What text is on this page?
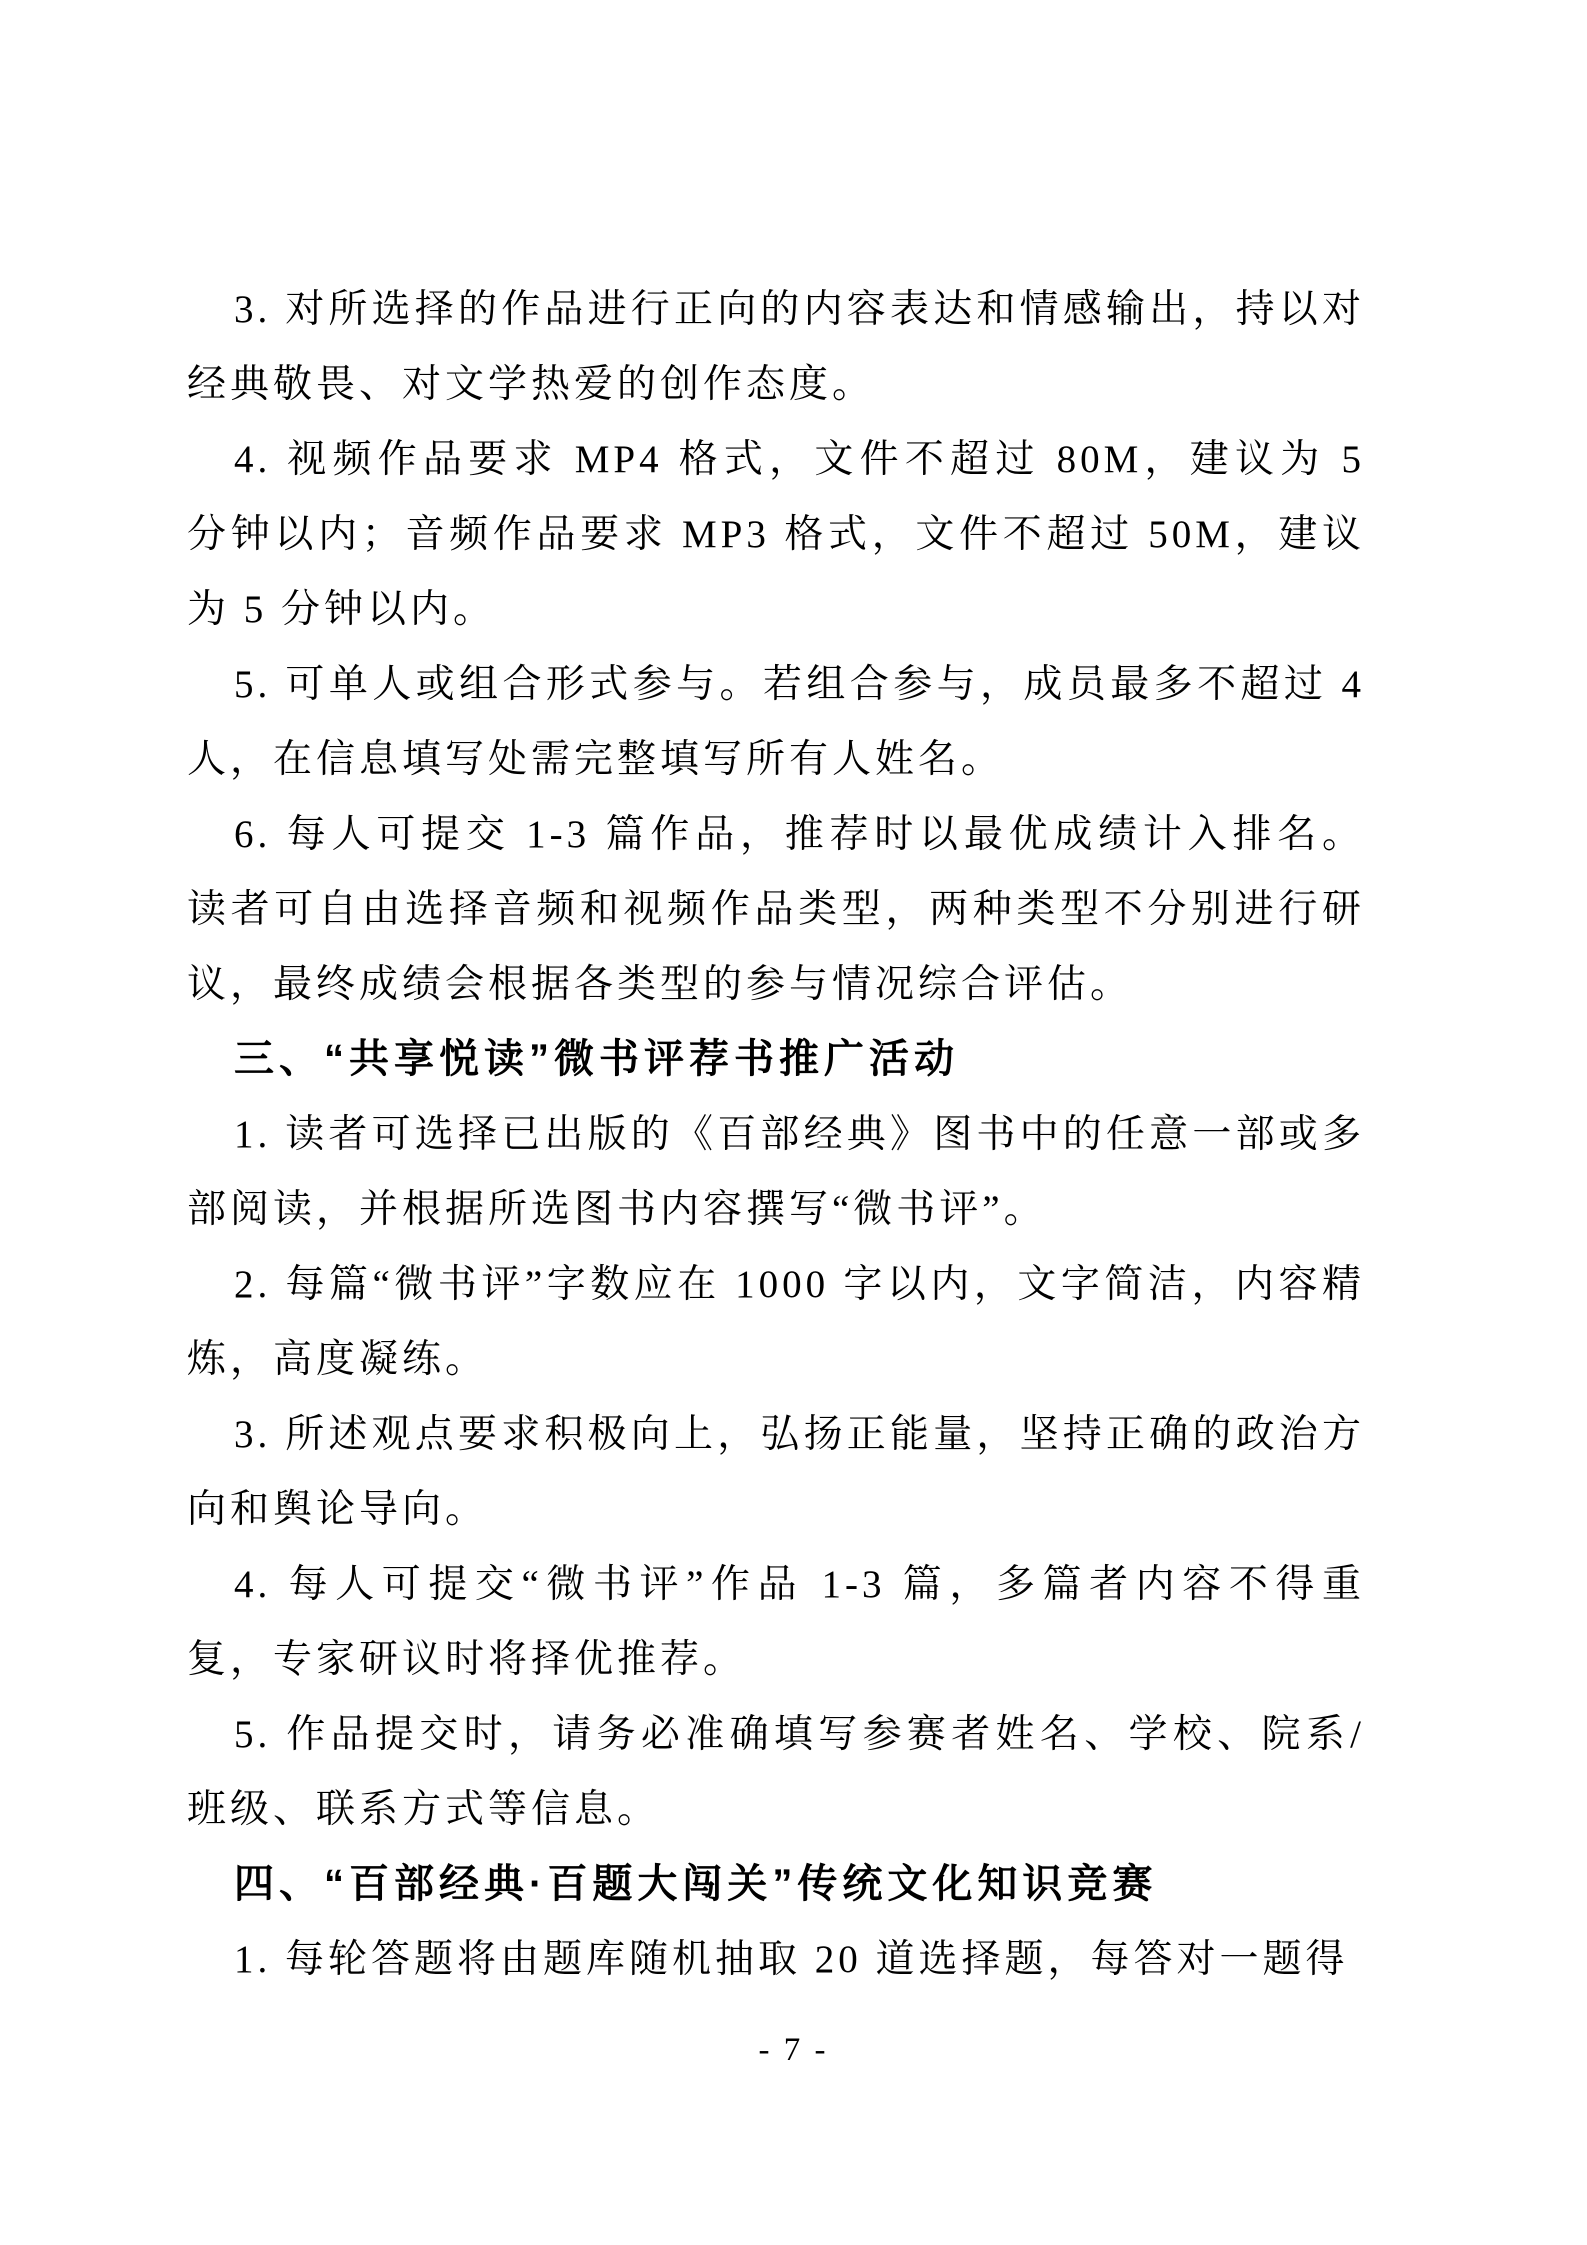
3. 对所选择的作品进行正向的内容表达和情感输出，持以对经典敬畏、对文学热爱的创作态度。

4. 视频作品要求 MP4 格式，文件不超过 80M，建议为 5 分钟以内；音频作品要求 MP3 格式，文件不超过 50M，建议为 5 分钟以内。

5. 可单人或组合形式参与。若组合参与，成员最多不超过 4 人，在信息填写处需完整填写所有人姓名。

6. 每人可提交 1-3 篇作品，推荐时以最优成绩计入排名。读者可自由选择音频和视频作品类型，两种类型不分别进行研议，最终成绩会根据各类型的参与情况综合评估。

三、“共享悦读”微书评荐书推广活动

1. 读者可选择已出版的《百部经典》图书中的任意一部或多部阅读，并根据所选图书内容撰写“微书评”。

2. 每篇“微书评”字数应在 1000 字以内，文字简洁，内容精炼，高度凝练。

3. 所述观点要求积极向上，弘扬正能量，坚持正确的政治方向和舆论导向。

4. 每人可提交“微书评”作品 1-3 篇，多篇者内容不得重复，专家研议时将择优推荐。

5. 作品提交时，请务必准确填写参赛者姓名、学校、院系/班级、联系方式等信息。

四、“百部经典·百题大闯关”传统文化知识竞赛

1. 每轮答题将由题库随机抽取 20 道选择题，每答对一题得

- 7 -
